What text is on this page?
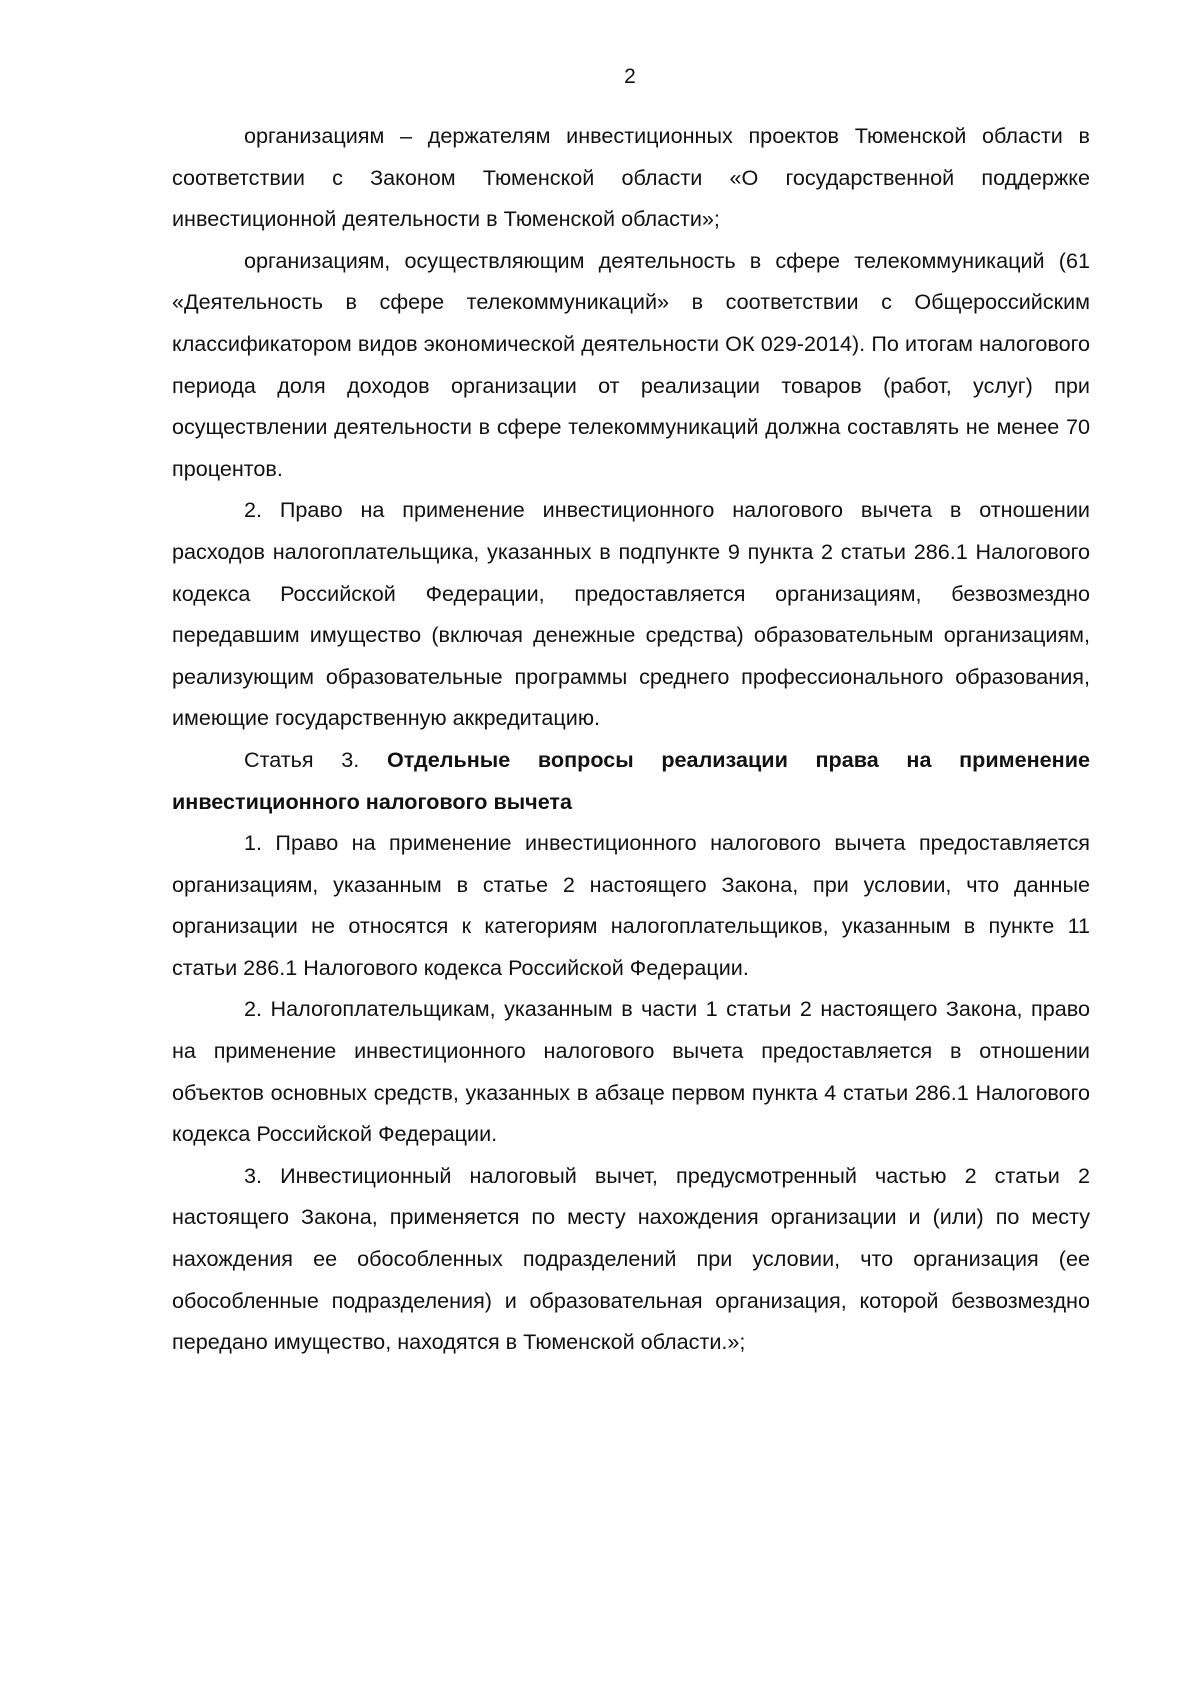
2

организациям – держателям инвестиционных проектов Тюменской области в соответствии с Законом Тюменской области «О государственной поддержке инвестиционной деятельности в Тюменской области»;

организациям, осуществляющим деятельность в сфере телекоммуникаций (61 «Деятельность в сфере телекоммуникаций» в соответствии с Общероссийским классификатором видов экономической деятельности ОК 029-2014). По итогам налогового периода доля доходов организации от реализации товаров (работ, услуг) при осуществлении деятельности в сфере телекоммуникаций должна составлять не менее 70 процентов.

2. Право на применение инвестиционного налогового вычета в отношении расходов налогоплательщика, указанных в подпункте 9 пункта 2 статьи 286.1 Налогового кодекса Российской Федерации, предоставляется организациям, безвозмездно передавшим имущество (включая денежные средства) образовательным организациям, реализующим образовательные программы среднего профессионального образования, имеющие государственную аккредитацию.

Статья 3. Отдельные вопросы реализации права на применение инвестиционного налогового вычета

1. Право на применение инвестиционного налогового вычета предоставляется организациям, указанным в статье 2 настоящего Закона, при условии, что данные организации не относятся к категориям налогоплательщиков, указанным в пункте 11 статьи 286.1 Налогового кодекса Российской Федерации.

2. Налогоплательщикам, указанным в части 1 статьи 2 настоящего Закона, право на применение инвестиционного налогового вычета предоставляется в отношении объектов основных средств, указанных в абзаце первом пункта 4 статьи 286.1 Налогового кодекса Российской Федерации.

3. Инвестиционный налоговый вычет, предусмотренный частью 2 статьи 2 настоящего Закона, применяется по месту нахождения организации и (или) по месту нахождения ее обособленных подразделений при условии, что организация (ее обособленные подразделения) и образовательная организация, которой безвозмездно передано имущество, находятся в Тюменской области.»;
